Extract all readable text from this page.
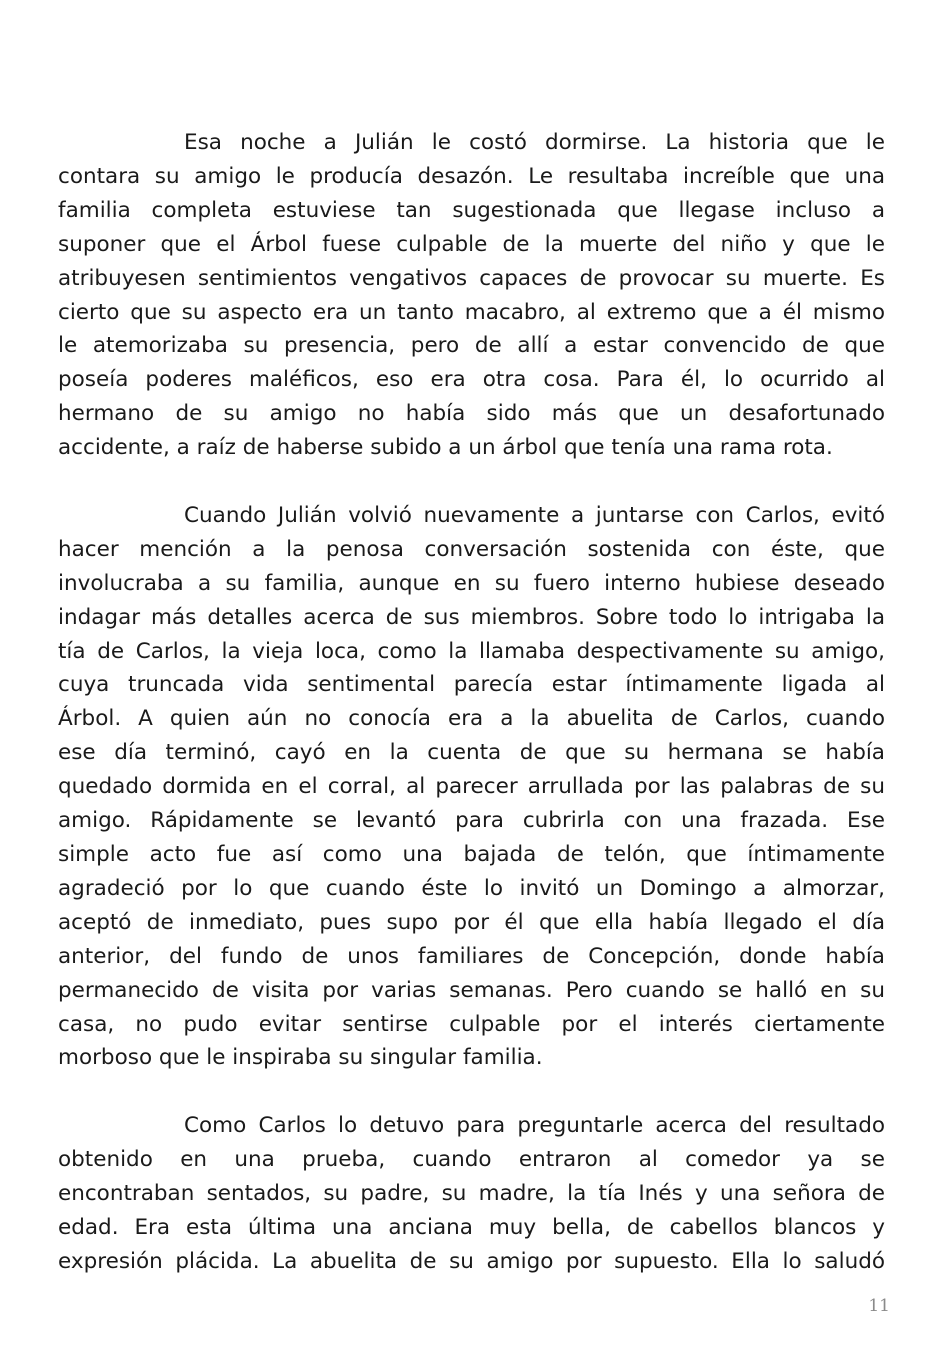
Esa noche a Julián le costó dormirse. La historia que le
contara su amigo le producía desazón. Le resultaba increíble que una
familia completa estuviese tan sugestionada que llegase incluso a
suponer que el Árbol fuese culpable de la muerte del niño y que le
atribuyesen sentimientos vengativos capaces de provocar su muerte. Es
cierto que su aspecto era un tanto macabro, al extremo que a él mismo
le atemorizaba su presencia, pero de allí a estar convencido de que
poseía poderes maléficos, eso era otra cosa. Para él, lo ocurrido al
hermano de su amigo no había sido más que un desafortunado
accidente, a raíz de haberse subido a un árbol que tenía una rama rota.

Cuando Julián volvió nuevamente a juntarse con Carlos, evitó
hacer mención a la penosa conversación sostenida con éste, que
involucraba a su familia, aunque en su fuero interno hubiese deseado
indagar más detalles acerca de sus miembros. Sobre todo lo intrigaba la
tía de Carlos, la vieja loca, como la llamaba despectivamente su amigo,
cuya truncada vida sentimental parecía estar íntimamente ligada al
Árbol. A quien aún no conocía era a la abuelita de Carlos, cuando
ese día terminó, cayó en la cuenta de que su hermana se había
quedado dormida en el corral, al parecer arrullada por las palabras de su
amigo. Rápidamente se levantó para cubrirla con una frazada. Ese
simple acto fue así como una bajada de telón, que íntimamente
agradeció por lo que cuando éste lo invitó un Domingo a almorzar,
aceptó de inmediato, pues supo por él que ella había llegado el día
anterior, del fundo de unos familiares de Concepción, donde había
permanecido de visita por varias semanas. Pero cuando se halló en su
casa, no pudo evitar sentirse culpable por el interés ciertamente
morboso que le inspiraba su singular familia.

Como Carlos lo detuvo para preguntarle acerca del resultado
obtenido en una prueba, cuando entraron al comedor ya se
encontraban sentados, su padre, su madre, la tía Inés y una señora de
edad. Era esta última una anciana muy bella, de cabellos blancos y
expresión plácida. La abuelita de su amigo por supuesto. Ella lo saludó

11
